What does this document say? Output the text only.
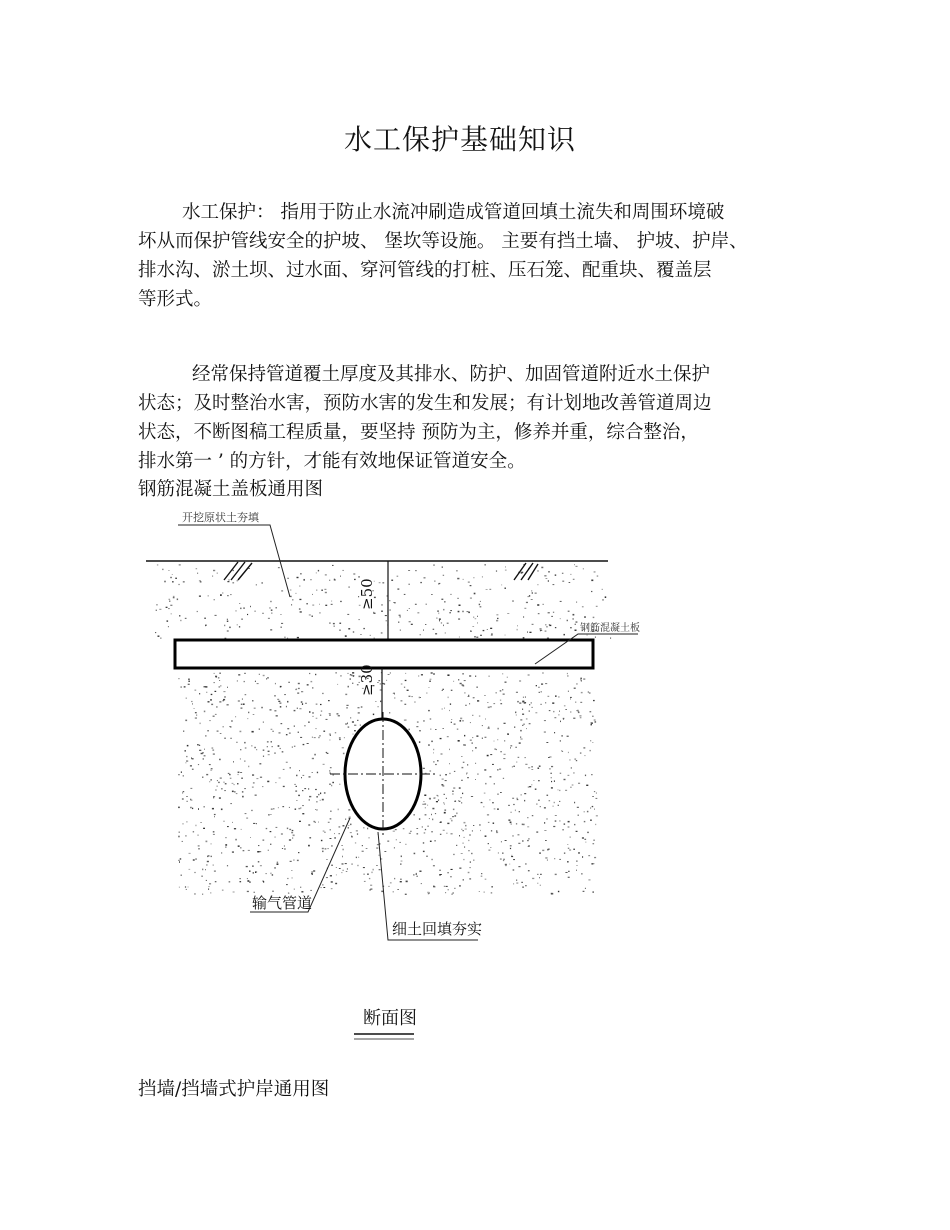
水工保护基础知识
水工保护： 指用于防止水流冲刷造成管道回填土流失和周围环境破
坏从而保护管线安全的护坡、 堡坎等设施。 主要有挡土墙、 护坡、护岸、
排水沟、淤土坝、过水面、穿河管线的打桩、压石笼、配重块、覆盖层
等形式。
经常保持管道覆土厚度及其排水、防护、加固管道附近水土保护
状态；及时整治水害，预防水害的发生和发展；有计划地改善管道周边
状态，不断图稿工程质量，要坚持 预防为主，修养并重，综合整治，
排水第一 ’ 的方针，才能有效地保证管道安全。
钢筋混凝土盖板通用图
开挖原状土夯填
≥50
钢筋混凝土板
≥30
输气管道
细土回填夯实
断面图
挡墙/挡墙式护岸通用图
